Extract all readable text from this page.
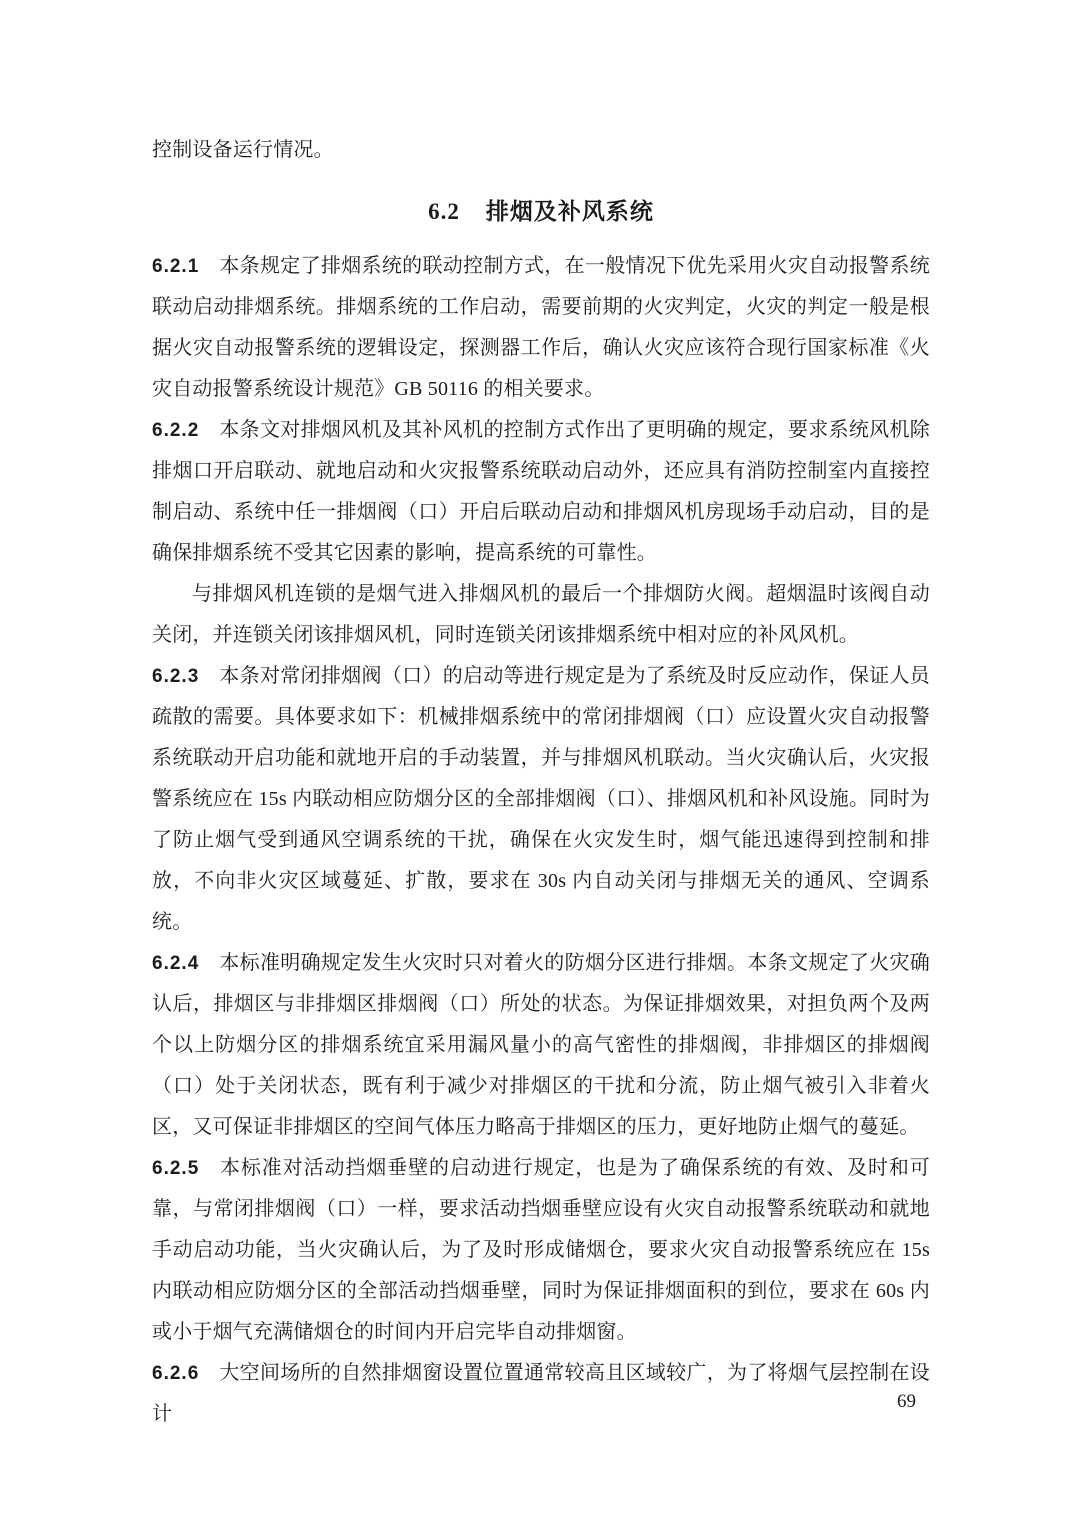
控制设备运行情况。

6.2 排烟及补风系统

6.2.1 本条规定了排烟系统的联动控制方式，在一般情况下优先采用火灾自动报警系统联动启动排烟系统。排烟系统的工作启动，需要前期的火灾判定，火灾的判定一般是根据火灾自动报警系统的逻辑设定，探测器工作后，确认火灾应该符合现行国家标准《火灾自动报警系统设计规范》GB 50116 的相关要求。

6.2.2 本条文对排烟风机及其补风机的控制方式作出了更明确的规定，要求系统风机除排烟口开启联动、就地启动和火灾报警系统联动启动外，还应具有消防控制室内直接控制启动、系统中任一排烟阀（口）开启后联动启动和排烟风机房现场手动启动，目的是确保排烟系统不受其它因素的影响，提高系统的可靠性。

与排烟风机连锁的是烟气进入排烟风机的最后一个排烟防火阀。超烟温时该阀自动关闭，并连锁关闭该排烟风机，同时连锁关闭该排烟系统中相对应的补风风机。

6.2.3 本条对常闭排烟阀（口）的启动等进行规定是为了系统及时反应动作，保证人员疏散的需要。具体要求如下：机械排烟系统中的常闭排烟阀（口）应设置火灾自动报警系统联动开启功能和就地开启的手动装置，并与排烟风机联动。当火灾确认后，火灾报警系统应在 15s 内联动相应防烟分区的全部排烟阀（口）、排烟风机和补风设施。同时为了防止烟气受到通风空调系统的干扰，确保在火灾发生时，烟气能迅速得到控制和排放，不向非火灾区域蔓延、扩散，要求在 30s 内自动关闭与排烟无关的通风、空调系统。

6.2.4 本标准明确规定发生火灾时只对着火的防烟分区进行排烟。本条文规定了火灾确认后，排烟区与非排烟区排烟阀（口）所处的状态。为保证排烟效果，对担负两个及两个以上防烟分区的排烟系统宜采用漏风量小的高气密性的排烟阀，非排烟区的排烟阀（口）处于关闭状态，既有利于减少对排烟区的干扰和分流，防止烟气被引入非着火区，又可保证非排烟区的空间气体压力略高于排烟区的压力，更好地防止烟气的蔓延。

6.2.5 本标准对活动挡烟垂壁的启动进行规定，也是为了确保系统的有效、及时和可靠，与常闭排烟阀（口）一样，要求活动挡烟垂壁应设有火灾自动报警系统联动和就地手动启动功能，当火灾确认后，为了及时形成储烟仓，要求火灾自动报警系统应在 15s 内联动相应防烟分区的全部活动挡烟垂壁，同时为保证排烟面积的到位，要求在 60s 内或小于烟气充满储烟仓的时间内开启完毕自动排烟窗。

6.2.6 大空间场所的自然排烟窗设置位置通常较高且区域较广，为了将烟气层控制在设计

69
